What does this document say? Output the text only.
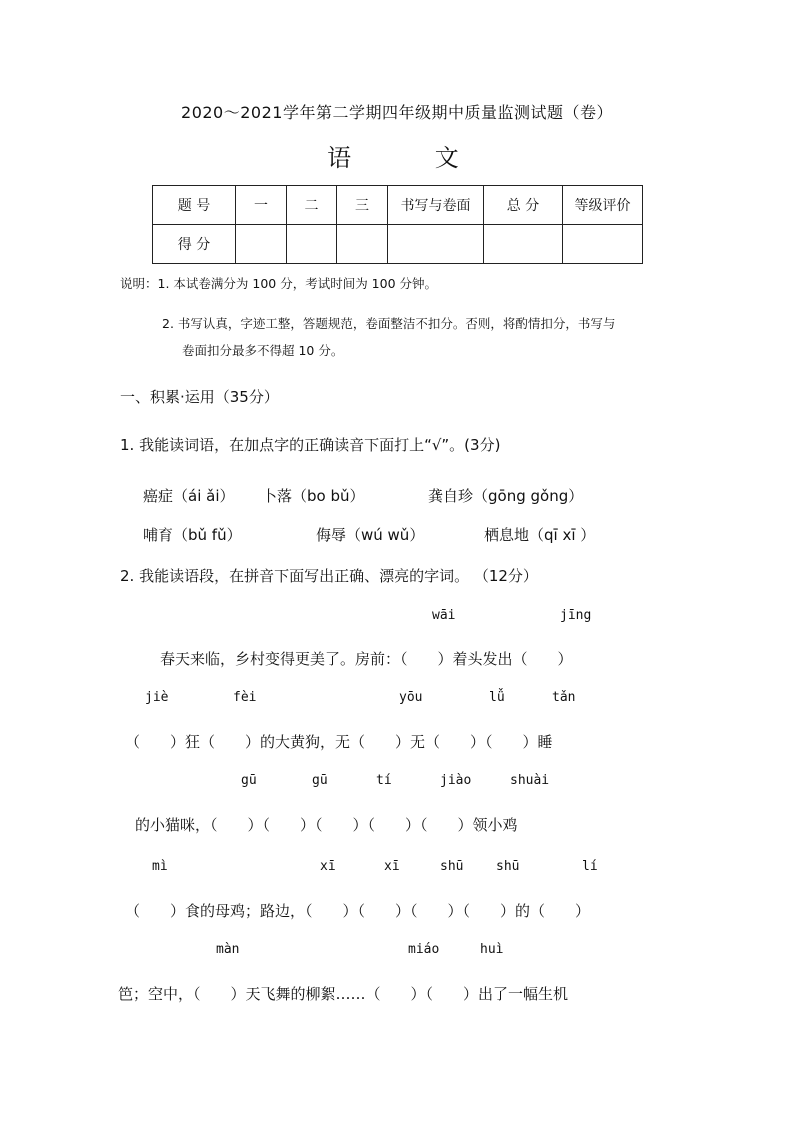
2020～2021学年第二学期四年级期中质量监测试题（卷）
语 文
题 号	一	二	三	书写与卷面	总 分	等级评价
得 分						
说明：1. 本试卷满分为 100 分，考试时间为 100 分钟。
2. 书写认真，字迹工整，答题规范，卷面整洁不扣分。否则，将酌情扣分，书写与
卷面扣分最多不得超 10 分。
一、积累·运用（35分）
1. 我能读词语，在加点字的正确读音下面打上“√”。(3分)
癌症（ái ǎi） 卜落（bo bǔ）	龚自珍（gōng gǒng）
哺育（bǔ fǔ）	侮辱（wú wǔ）	栖息地（qī xī ）
2. 我能读语段，在拼音下面写出正确、漂亮的字词。 （12分）
wāi	jīng
春天来临，乡村变得更美了。房前：（　　）着头发出（　　）
jiè	fèi	yōu	lǚ	tǎn
（　　）狂（　　）的大黄狗，无（　　）无（　　）（　　）睡
gū	gū	tí	jiào	shuài
的小猫咪，（　　）（　　）（　　）（　　）（　　）领小鸡
mì	xī	xī	shū	shū	lí
（　　）食的母鸡；路边，（　　）（　　）（　　）（　　）的（　　）
màn	miáo	huì
笆；空中，（　　）天飞舞的柳絮……（　　）（　　）出了一幅生机
